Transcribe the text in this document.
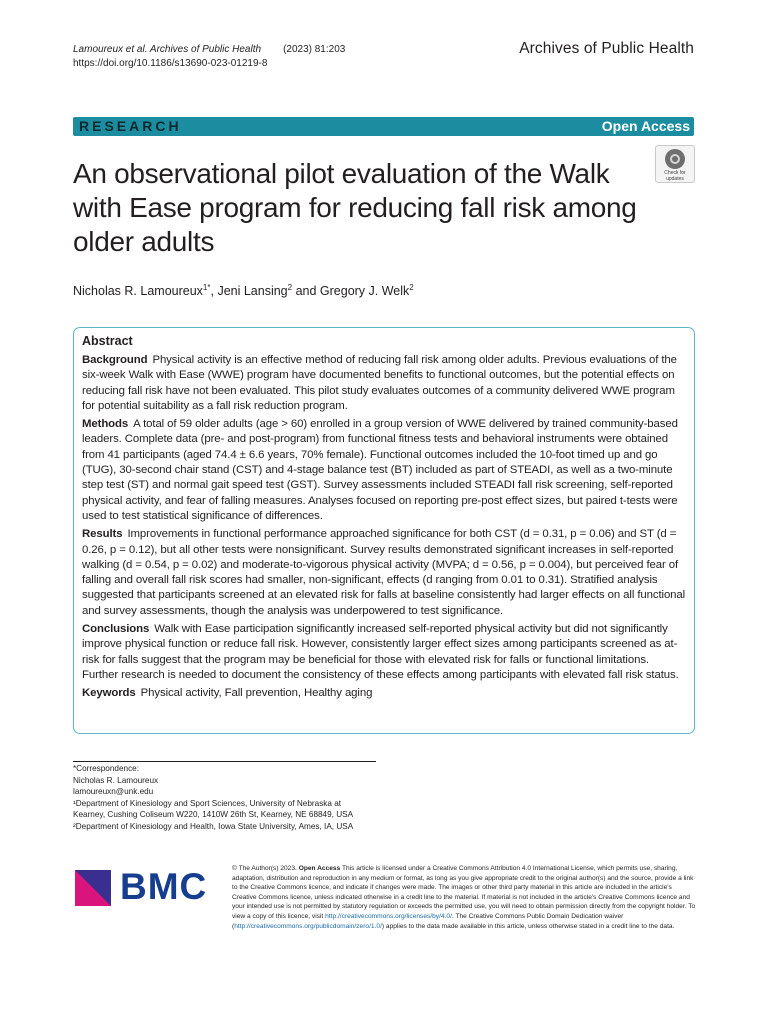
Lamoureux et al. Archives of Public Health (2023) 81:203
https://doi.org/10.1186/s13690-023-01219-8
Archives of Public Health
RESEARCH	Open Access
An observational pilot evaluation of the Walk with Ease program for reducing fall risk among older adults
Check for updates
Nicholas R. Lamoureux$^{1*}$, Jeni Lansing$^2$ and Gregory J. Welk$^2$
Abstract

Background Physical activity is an effective method of reducing fall risk among older adults. Previous evaluations of the six-week Walk with Ease (WWE) program have documented benefits to functional outcomes, but the potential effects on reducing fall risk have not been evaluated. This pilot study evaluates outcomes of a community delivered WWE program for potential suitability as a fall risk reduction program.

Methods A total of 59 older adults (age > 60) enrolled in a group version of WWE delivered by trained community-based leaders. Complete data (pre- and post-program) from functional fitness tests and behavioral instruments were obtained from 41 participants (aged 74.4 ± 6.6 years, 70% female). Functional outcomes included the 10-foot timed up and go (TUG), 30-second chair stand (CST) and 4-stage balance test (BT) included as part of STEADI, as well as a two-minute step test (ST) and normal gait speed test (GST). Survey assessments included STEADI fall risk screening, self-reported physical activity, and fear of falling measures. Analyses focused on reporting pre-post effect sizes, but paired t-tests were used to test statistical significance of differences.

Results Improvements in functional performance approached significance for both CST (d = 0.31, p = 0.06) and ST (d = 0.26, p = 0.12), but all other tests were nonsignificant. Survey results demonstrated significant increases in self-reported walking (d = 0.54, p = 0.02) and moderate-to-vigorous physical activity (MVPA; d = 0.56, p = 0.004), but perceived fear of falling and overall fall risk scores had smaller, non-significant, effects (d ranging from 0.01 to 0.31). Stratified analysis suggested that participants screened at an elevated risk for falls at baseline consistently had larger effects on all functional and survey assessments, though the analysis was underpowered to test significance.

Conclusions Walk with Ease participation significantly increased self-reported physical activity but did not significantly improve physical function or reduce fall risk. However, consistently larger effect sizes among participants screened as at-risk for falls suggest that the program may be beneficial for those with elevated risk for falls or functional limitations. Further research is needed to document the consistency of these effects among participants with elevated fall risk status.

Keywords Physical activity, Fall prevention, Healthy aging

*Correspondence:
Nicholas R. Lamoureux
lamoureuxn@unk.edu
¹Department of Kinesiology and Sport Sciences, University of Nebraska at Kearney, Cushing Coliseum W220, 1410W 26th St, Kearney, NE 68849, USA
²Department of Kinesiology and Health, Iowa State University, Ames, IA, USA
BMC	© The Author(s) 2023. Open Access This article is licensed under a Creative Commons Attribution 4.0 International License, which permits use, sharing, adaptation, distribution and reproduction in any medium or format, as long as you give appropriate credit to the original author(s) and the source, provide a link to the Creative Commons licence, and indicate if changes were made. The images or other third party material in this article are included in the article's Creative Commons licence, unless indicated otherwise in a credit line to the material. If material is not included in the article's Creative Commons licence and your intended use is not permitted by statutory regulation or exceeds the permitted use, you will need to obtain permission directly from the copyright holder. To view a copy of this licence, visit http://creativecommons.org/licenses/by/4.0/. The Creative Commons Public Domain Dedication waiver (http://creativecommons.org/publicdomain/zero/1.0/) applies to the data made available in this article, unless otherwise stated in a credit line to the data.
